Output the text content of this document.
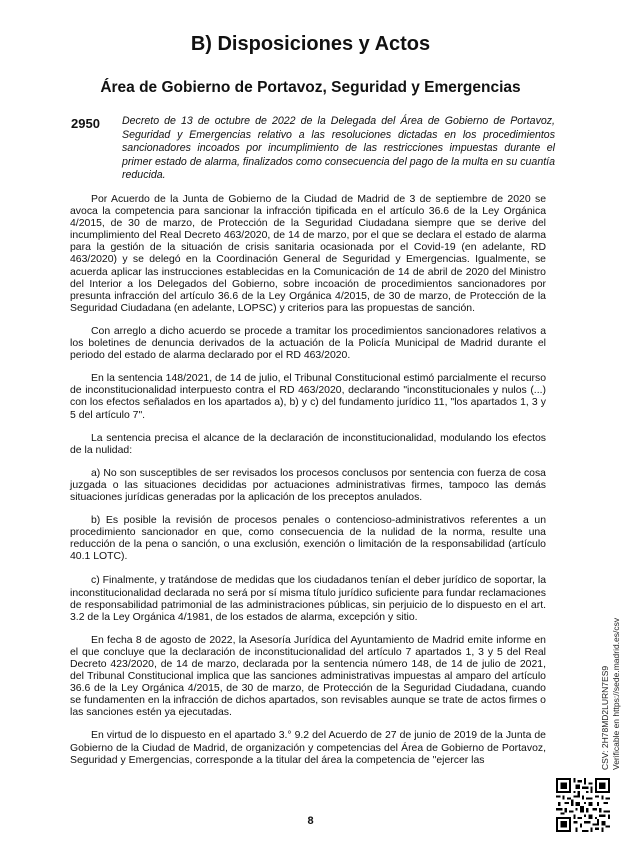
B) Disposiciones y Actos
Área de Gobierno de Portavoz, Seguridad y Emergencias
2950 Decreto de 13 de octubre de 2022 de la Delegada del Área de Gobierno de Portavoz, Seguridad y Emergencias relativo a las resoluciones dictadas en los procedimientos sancionadores incoados por incumplimiento de las restricciones impuestas durante el primer estado de alarma, finalizados como consecuencia del pago de la multa en su cuantía reducida.

Por Acuerdo de la Junta de Gobierno de la Ciudad de Madrid de 3 de septiembre de 2020 se avoca la competencia para sancionar la infracción tipificada en el artículo 36.6 de la Ley Orgánica 4/2015, de 30 de marzo, de Protección de la Seguridad Ciudadana siempre que se derive del incumplimiento del Real Decreto 463/2020, de 14 de marzo, por el que se declara el estado de alarma para la gestión de la situación de crisis sanitaria ocasionada por el Covid-19 (en adelante, RD 463/2020) y se delegó en la Coordinación General de Seguridad y Emergencias. Igualmente, se acuerda aplicar las instrucciones establecidas en la Comunicación de 14 de abril de 2020 del Ministro del Interior a los Delegados del Gobierno, sobre incoación de procedimientos sancionadores por presunta infracción del artículo 36.6 de la Ley Orgánica 4/2015, de 30 de marzo, de Protección de la Seguridad Ciudadana (en adelante, LOPSC) y criterios para las propuestas de sanción.

Con arreglo a dicho acuerdo se procede a tramitar los procedimientos sancionadores relativos a los boletines de denuncia derivados de la actuación de la Policía Municipal de Madrid durante el periodo del estado de alarma declarado por el RD 463/2020.

En la sentencia 148/2021, de 14 de julio, el Tribunal Constitucional estimó parcialmente el recurso de inconstitucionalidad interpuesto contra el RD 463/2020, declarando "inconstitucionales y nulos (...) con los efectos señalados en los apartados a), b) y c) del fundamento jurídico 11, "los apartados 1, 3 y 5 del artículo 7".

La sentencia precisa el alcance de la declaración de inconstitucionalidad, modulando los efectos de la nulidad:

a) No son susceptibles de ser revisados los procesos conclusos por sentencia con fuerza de cosa juzgada o las situaciones decididas por actuaciones administrativas firmes, tampoco las demás situaciones jurídicas generadas por la aplicación de los preceptos anulados.

b) Es posible la revisión de procesos penales o contencioso-administrativos referentes a un procedimiento sancionador en que, como consecuencia de la nulidad de la norma, resulte una reducción de la pena o sanción, o una exclusión, exención o limitación de la responsabilidad (artículo 40.1 LOTC).

c) Finalmente, y tratándose de medidas que los ciudadanos tenían el deber jurídico de soportar, la inconstitucionalidad declarada no será por sí misma título jurídico suficiente para fundar reclamaciones de responsabilidad patrimonial de las administraciones públicas, sin perjuicio de lo dispuesto en el art. 3.2 de la Ley Orgánica 4/1981, de los estados de alarma, excepción y sitio.

En fecha 8 de agosto de 2022, la Asesoría Jurídica del Ayuntamiento de Madrid emite informe en el que concluye que la declaración de inconstitucionalidad del artículo 7 apartados 1, 3 y 5 del Real Decreto 423/2020, de 14 de marzo, declarada por la sentencia número 148, de 14 de julio de 2021, del Tribunal Constitucional implica que las sanciones administrativas impuestas al amparo del artículo 36.6 de la Ley Orgánica 4/2015, de 30 de marzo, de Protección de la Seguridad Ciudadana, cuando se fundamenten en la infracción de dichos apartados, son revisables aunque se trate de actos firmes o las sanciones estén ya ejecutadas.

En virtud de lo dispuesto en el apartado 3.° 9.2 del Acuerdo de 27 de junio de 2019 de la Junta de Gobierno de la Ciudad de Madrid, de organización y competencias del Área de Gobierno de Portavoz, Seguridad y Emergencias, corresponde a la titular del área la competencia de "ejercer las

8
CSV: 2H78MD2LURN7ES9 Verificable en https://sede.madrid.es/csv
